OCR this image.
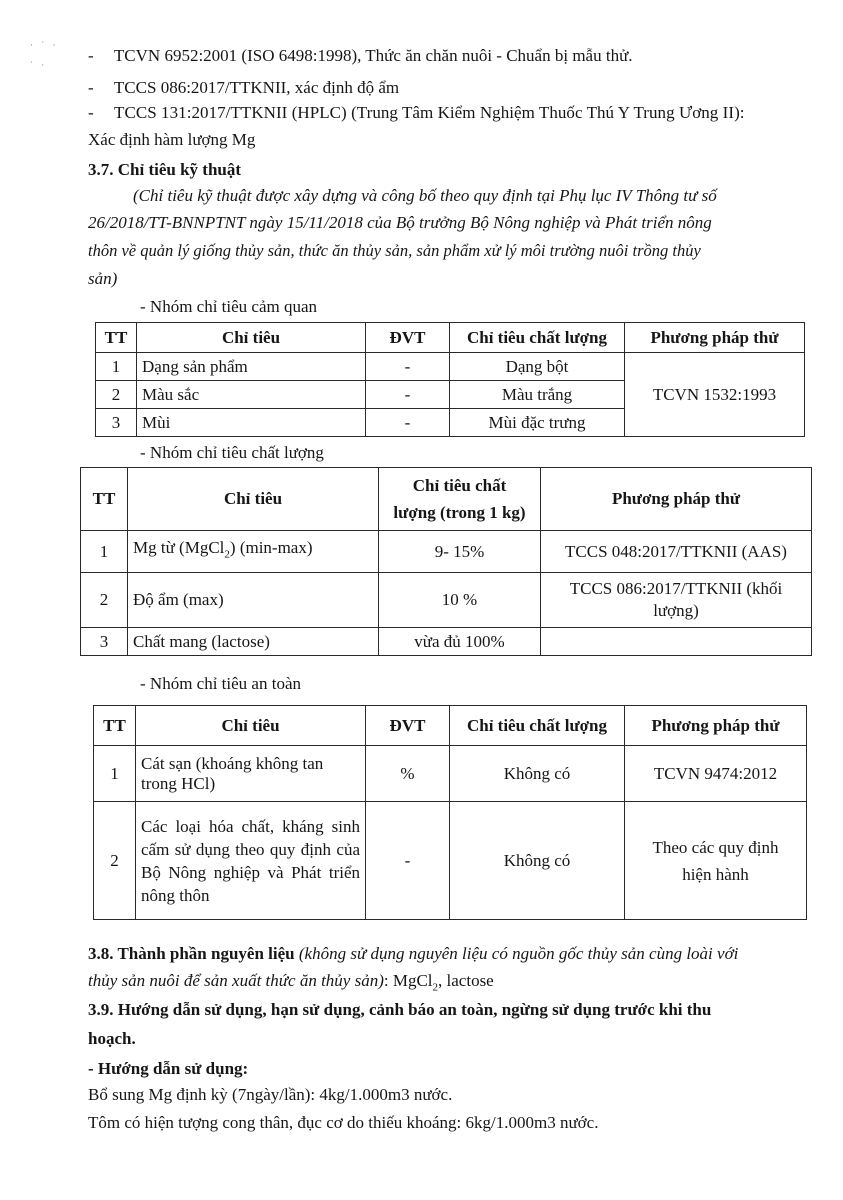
· ˙ ·

˙ ·	- TCVN 6952:2001 (ISO 6498:1998), Thức ăn chăn nuôi - Chuẩn bị mẫu thử.
- TCCS 086:2017/TTKNII, xác định độ ẩm
- TCCS 131:2017/TTKNII (HPLC) (Trung Tâm Kiểm Nghiệm Thuốc Thú Y Trung Ương II):
Xác định hàm lượng Mg
3.7. Chỉ tiêu kỹ thuật
(Chỉ tiêu kỹ thuật được xây dựng và công bố theo quy định tại Phụ lục IV Thông tư số
26/2018/TT-BNNPTNT ngày 15/11/2018 của Bộ trưởng Bộ Nông nghiệp và Phát triển nông
thôn về quản lý giống thủy sản, thức ăn thủy sản, sản phẩm xử lý môi trường nuôi trồng thủy
sản)
- Nhóm chỉ tiêu cảm quan
TT	Chỉ tiêu	ĐVT	Chỉ tiêu chất lượng	Phương pháp thử
1	Dạng sản phẩm	-	Dạng bột	TCVN 1532:1993
2	Màu sắc	-	Màu trắng	
3	Mùi	-	Mùi đặc trưng	
- Nhóm chỉ tiêu chất lượng
TT	Chỉ tiêu	Chỉ tiêu chất
lượng (trong 1 kg)	Phương pháp thử
1	Mg từ (MgCl$_2$) (min-max)	9- 15%	TCCS 048:2017/TTKNII (AAS)
2	Độ ẩm (max)	10 %	TCCS 086:2017/TTKNII (khối lượng)
3	Chất mang (lactose)	vừa đủ 100%	
- Nhóm chỉ tiêu an toàn
TT	Chỉ tiêu	ĐVT	Chỉ tiêu chất lượng	Phương pháp thử
1	Cát sạn (khoáng không tan trong HCl)	%	Không có	TCVN 9474:2012
2	Các loại hóa chất, kháng sinh cấm sử dụng theo quy định của Bộ Nông nghiệp và Phát triển nông thôn	-	Không có	Theo các quy định hiện hành
3.8. Thành phần nguyên liệu (không sử dụng nguyên liệu có nguồn gốc thủy sản cùng loài với
thủy sản nuôi để sản xuất thức ăn thủy sản): MgCl$_2$, lactose
3.9. Hướng dẫn sử dụng, hạn sử dụng, cảnh báo an toàn, ngừng sử dụng trước khi thu
hoạch.
- Hướng dẫn sử dụng:
Bổ sung Mg định kỳ (7ngày/lần): 4kg/1.000m3 nước.
Tôm có hiện tượng cong thân, đục cơ do thiếu khoáng: 6kg/1.000m3 nước.
